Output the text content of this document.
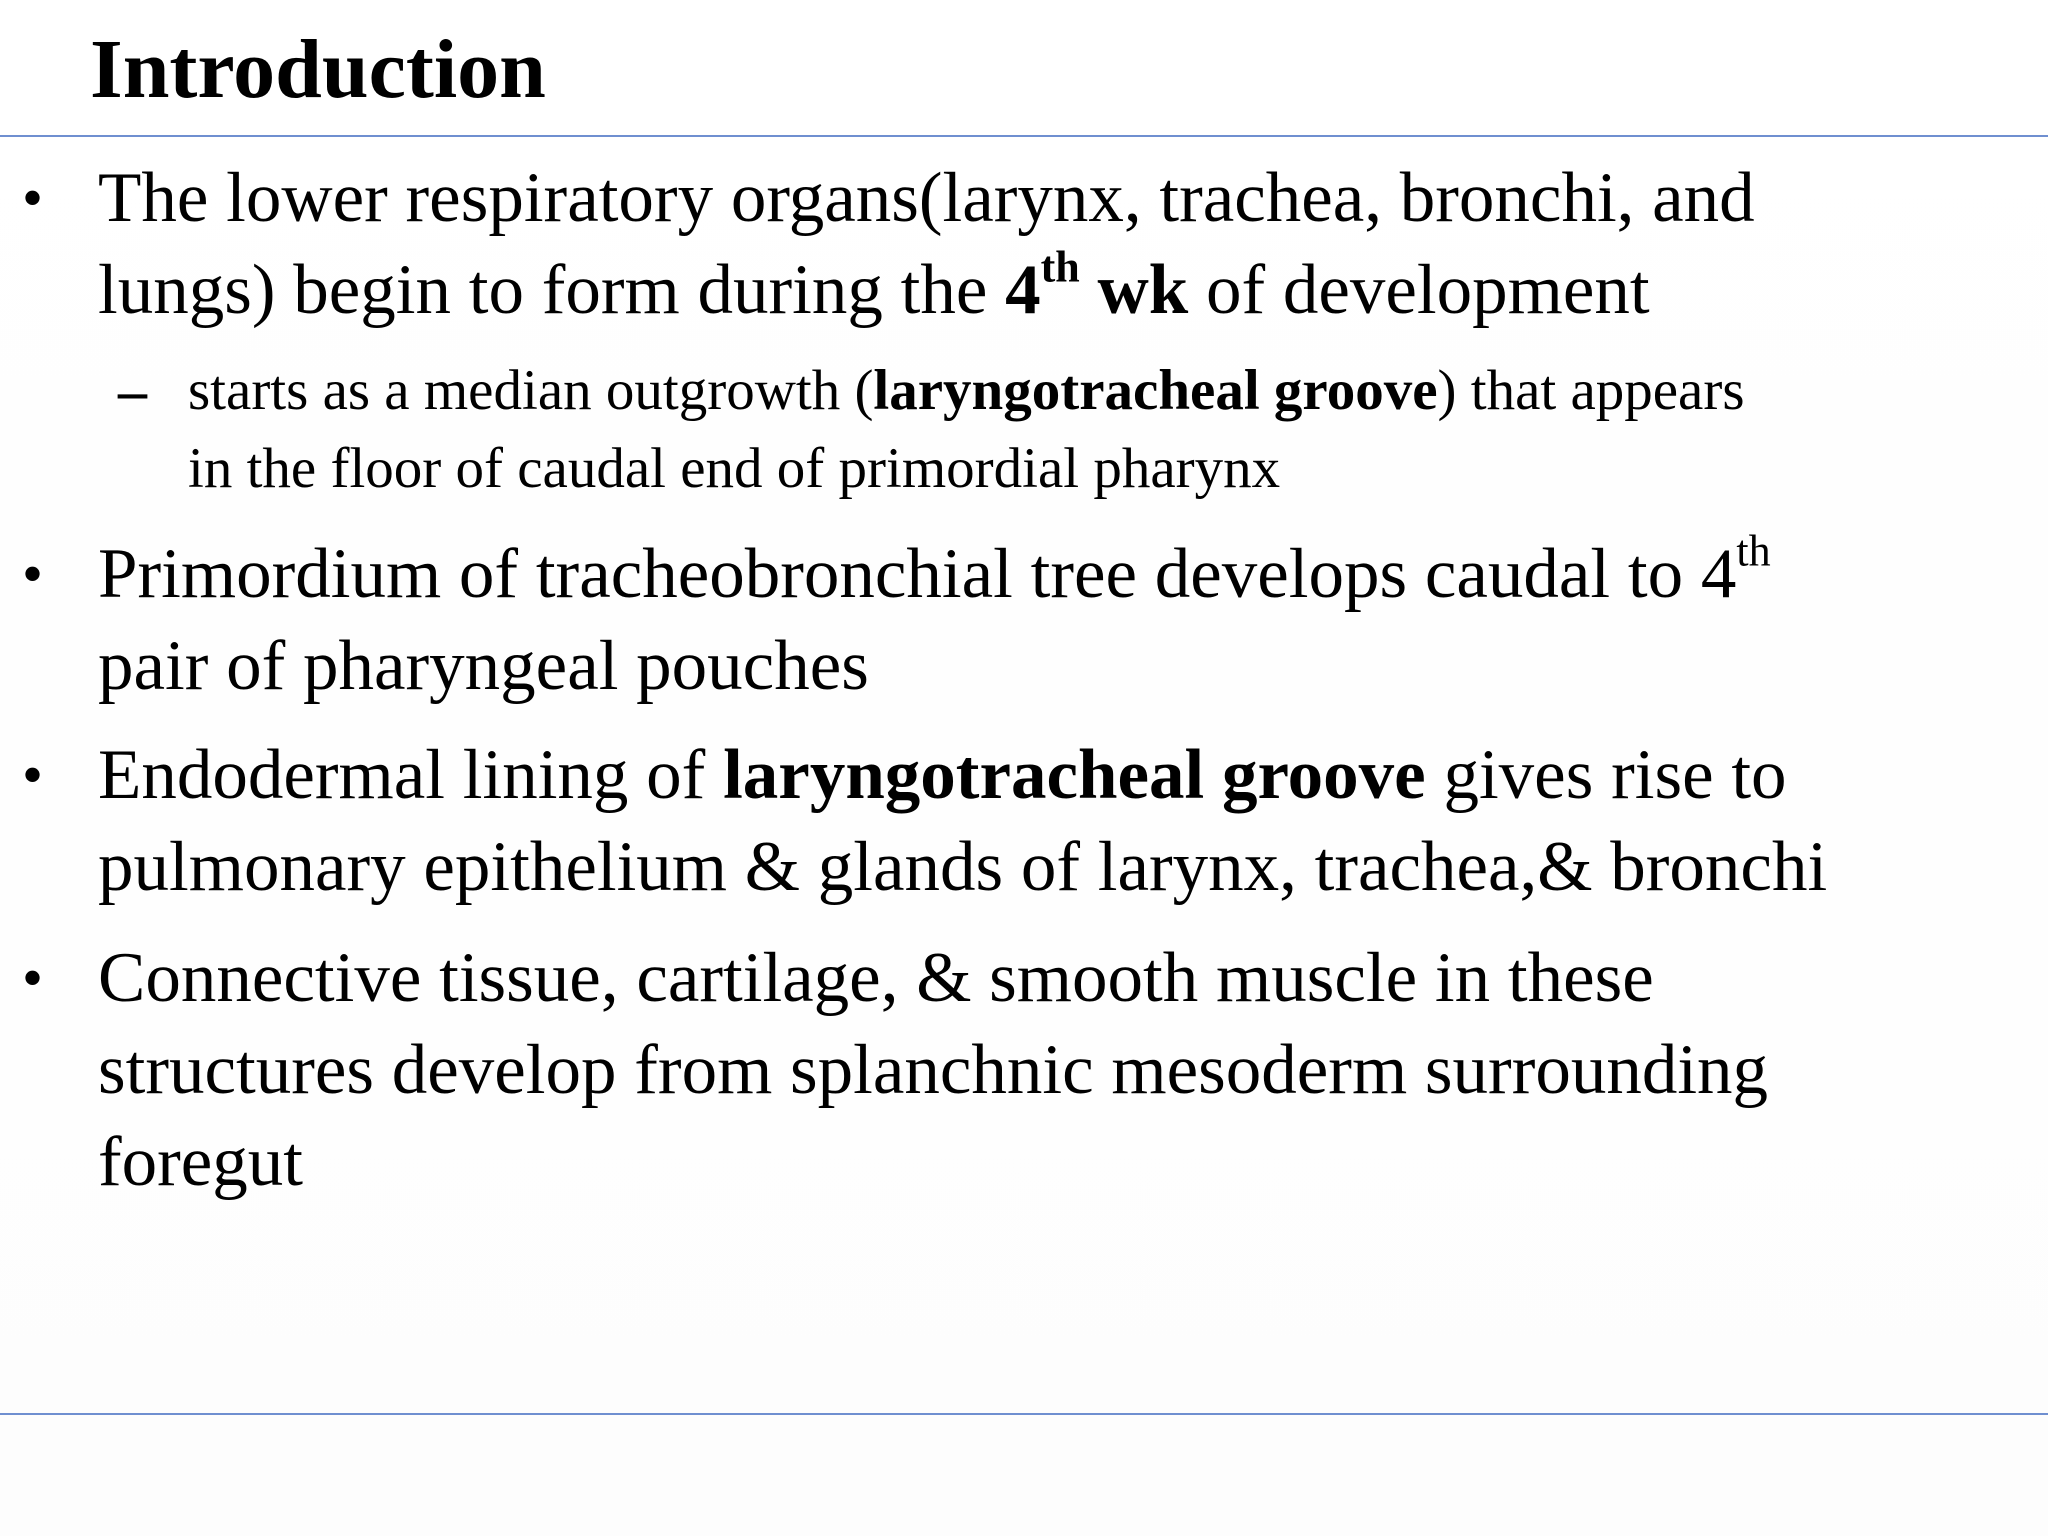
Introduction
• The lower respiratory organs(larynx, trachea, bronchi, and
lungs) begin to form during the 4th wk of development
– starts as a median outgrowth (laryngotracheal groove) that appears
in the floor of caudal end of primordial pharynx
• Primordium of tracheobronchial tree develops caudal to 4th
pair of pharyngeal pouches
• Endodermal lining of laryngotracheal groove gives rise to
pulmonary epithelium & glands of larynx, trachea,& bronchi
• Connective tissue, cartilage, & smooth muscle in these
structures develop from splanchnic mesoderm surrounding
foregut
